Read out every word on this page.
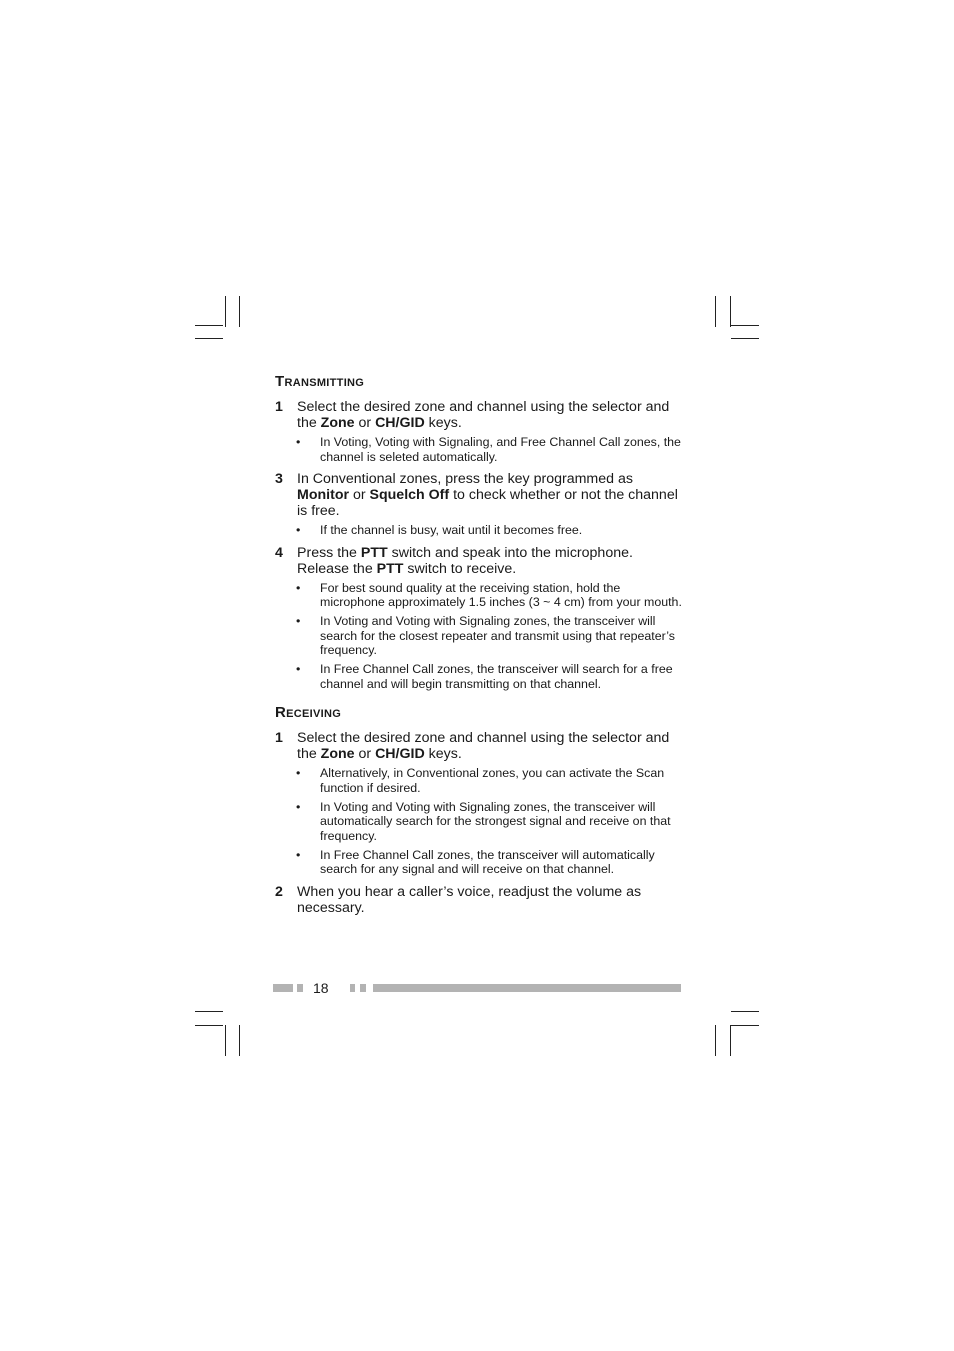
Transmitting
1 Select the desired zone and channel using the selector and the Zone or CH/GID keys.
• In Voting, Voting with Signaling, and Free Channel Call zones, the channel is seleted automatically.
3 In Conventional zones, press the key programmed as Monitor or Squelch Off to check whether or not the channel is free.
• If the channel is busy, wait until it becomes free.
4 Press the PTT switch and speak into the microphone. Release the PTT switch to receive.
• For best sound quality at the receiving station, hold the microphone approximately 1.5 inches (3 ~ 4 cm) from your mouth.
• In Voting and Voting with Signaling zones, the transceiver will search for the closest repeater and transmit using that repeater’s frequency.
• In Free Channel Call zones, the transceiver will search for a free channel and will begin transmitting on that channel.
Receiving
1 Select the desired zone and channel using the selector and the Zone or CH/GID keys.
• Alternatively, in Conventional zones, you can activate the Scan function if desired.
• In Voting and Voting with Signaling zones, the transceiver will automatically search for the strongest signal and receive on that frequency.
• In Free Channel Call zones, the transceiver will automatically search for any signal and will receive on that channel.
2 When you hear a caller’s voice, readjust the volume as necessary.
18
